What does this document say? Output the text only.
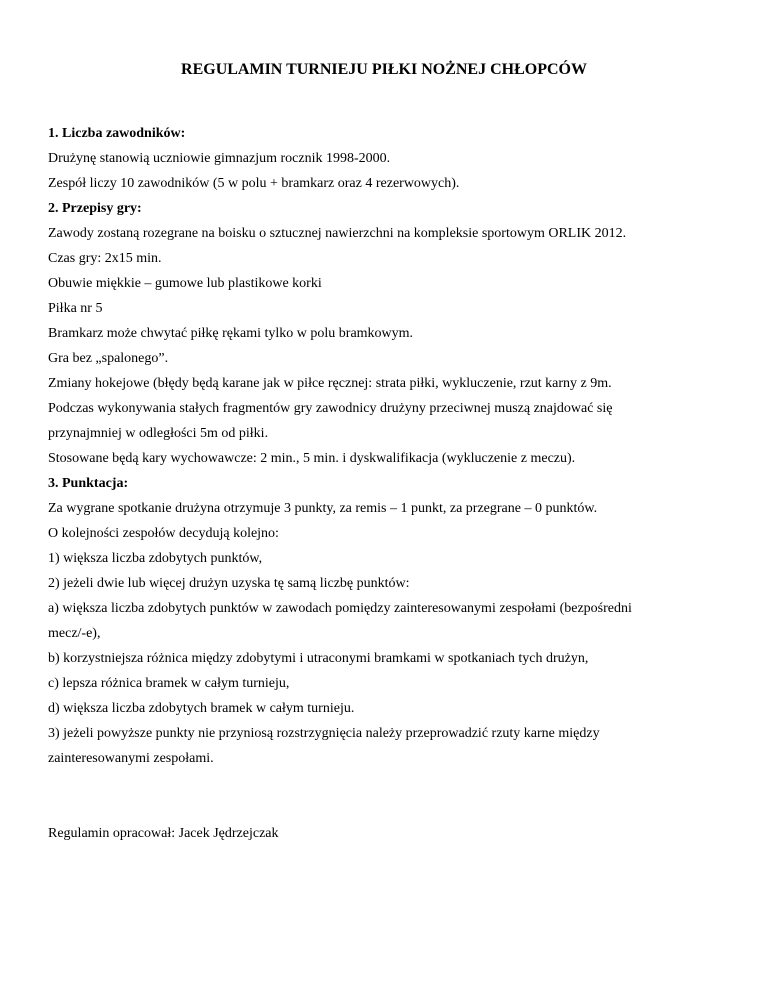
REGULAMIN TURNIEJU PIŁKI NOŻNEJ CHŁOPCÓW
1. Liczba zawodników:
Drużynę stanowią uczniowie gimnazjum rocznik 1998-2000.
Zespół liczy 10 zawodników (5 w polu + bramkarz oraz 4 rezerwowych).
2. Przepisy gry:
Zawody zostaną rozegrane na boisku o sztucznej nawierzchni na kompleksie sportowym ORLIK 2012.
Czas gry: 2x15 min.
Obuwie miękkie – gumowe lub plastikowe korki
Piłka nr 5
Bramkarz może chwytać piłkę rękami tylko w polu bramkowym.
Gra bez „spalonego”.
Zmiany hokejowe (błędy będą karane jak w piłce ręcznej: strata piłki, wykluczenie, rzut karny z 9m.
Podczas wykonywania stałych fragmentów gry zawodnicy drużyny przeciwnej muszą znajdować się
przynajmniej w odległości 5m od piłki.
Stosowane będą kary wychowawcze: 2 min., 5 min. i dyskwalifikacja (wykluczenie z meczu).
3. Punktacja:
Za wygrane spotkanie drużyna otrzymuje 3 punkty, za remis – 1 punkt, za przegrane – 0 punktów.
O kolejności zespołów decydują kolejno:
1) większa liczba zdobytych punktów,
2) jeżeli dwie lub więcej drużyn uzyska tę samą liczbę punktów:
a) większa liczba zdobytych punktów w zawodach pomiędzy zainteresowanymi zespołami (bezpośredni
mecz/-e),
b) korzystniejsza różnica między zdobytymi i utraconymi bramkami w spotkaniach tych drużyn,
c) lepsza różnica bramek w całym turnieju,
d) większa liczba zdobytych bramek w całym turnieju.
3) jeżeli powyższe punkty nie przyniosą rozstrzygnięcia należy przeprowadzić rzuty karne między
zainteresowanymi zespołami.
Regulamin opracował: Jacek Jędrzejczak
